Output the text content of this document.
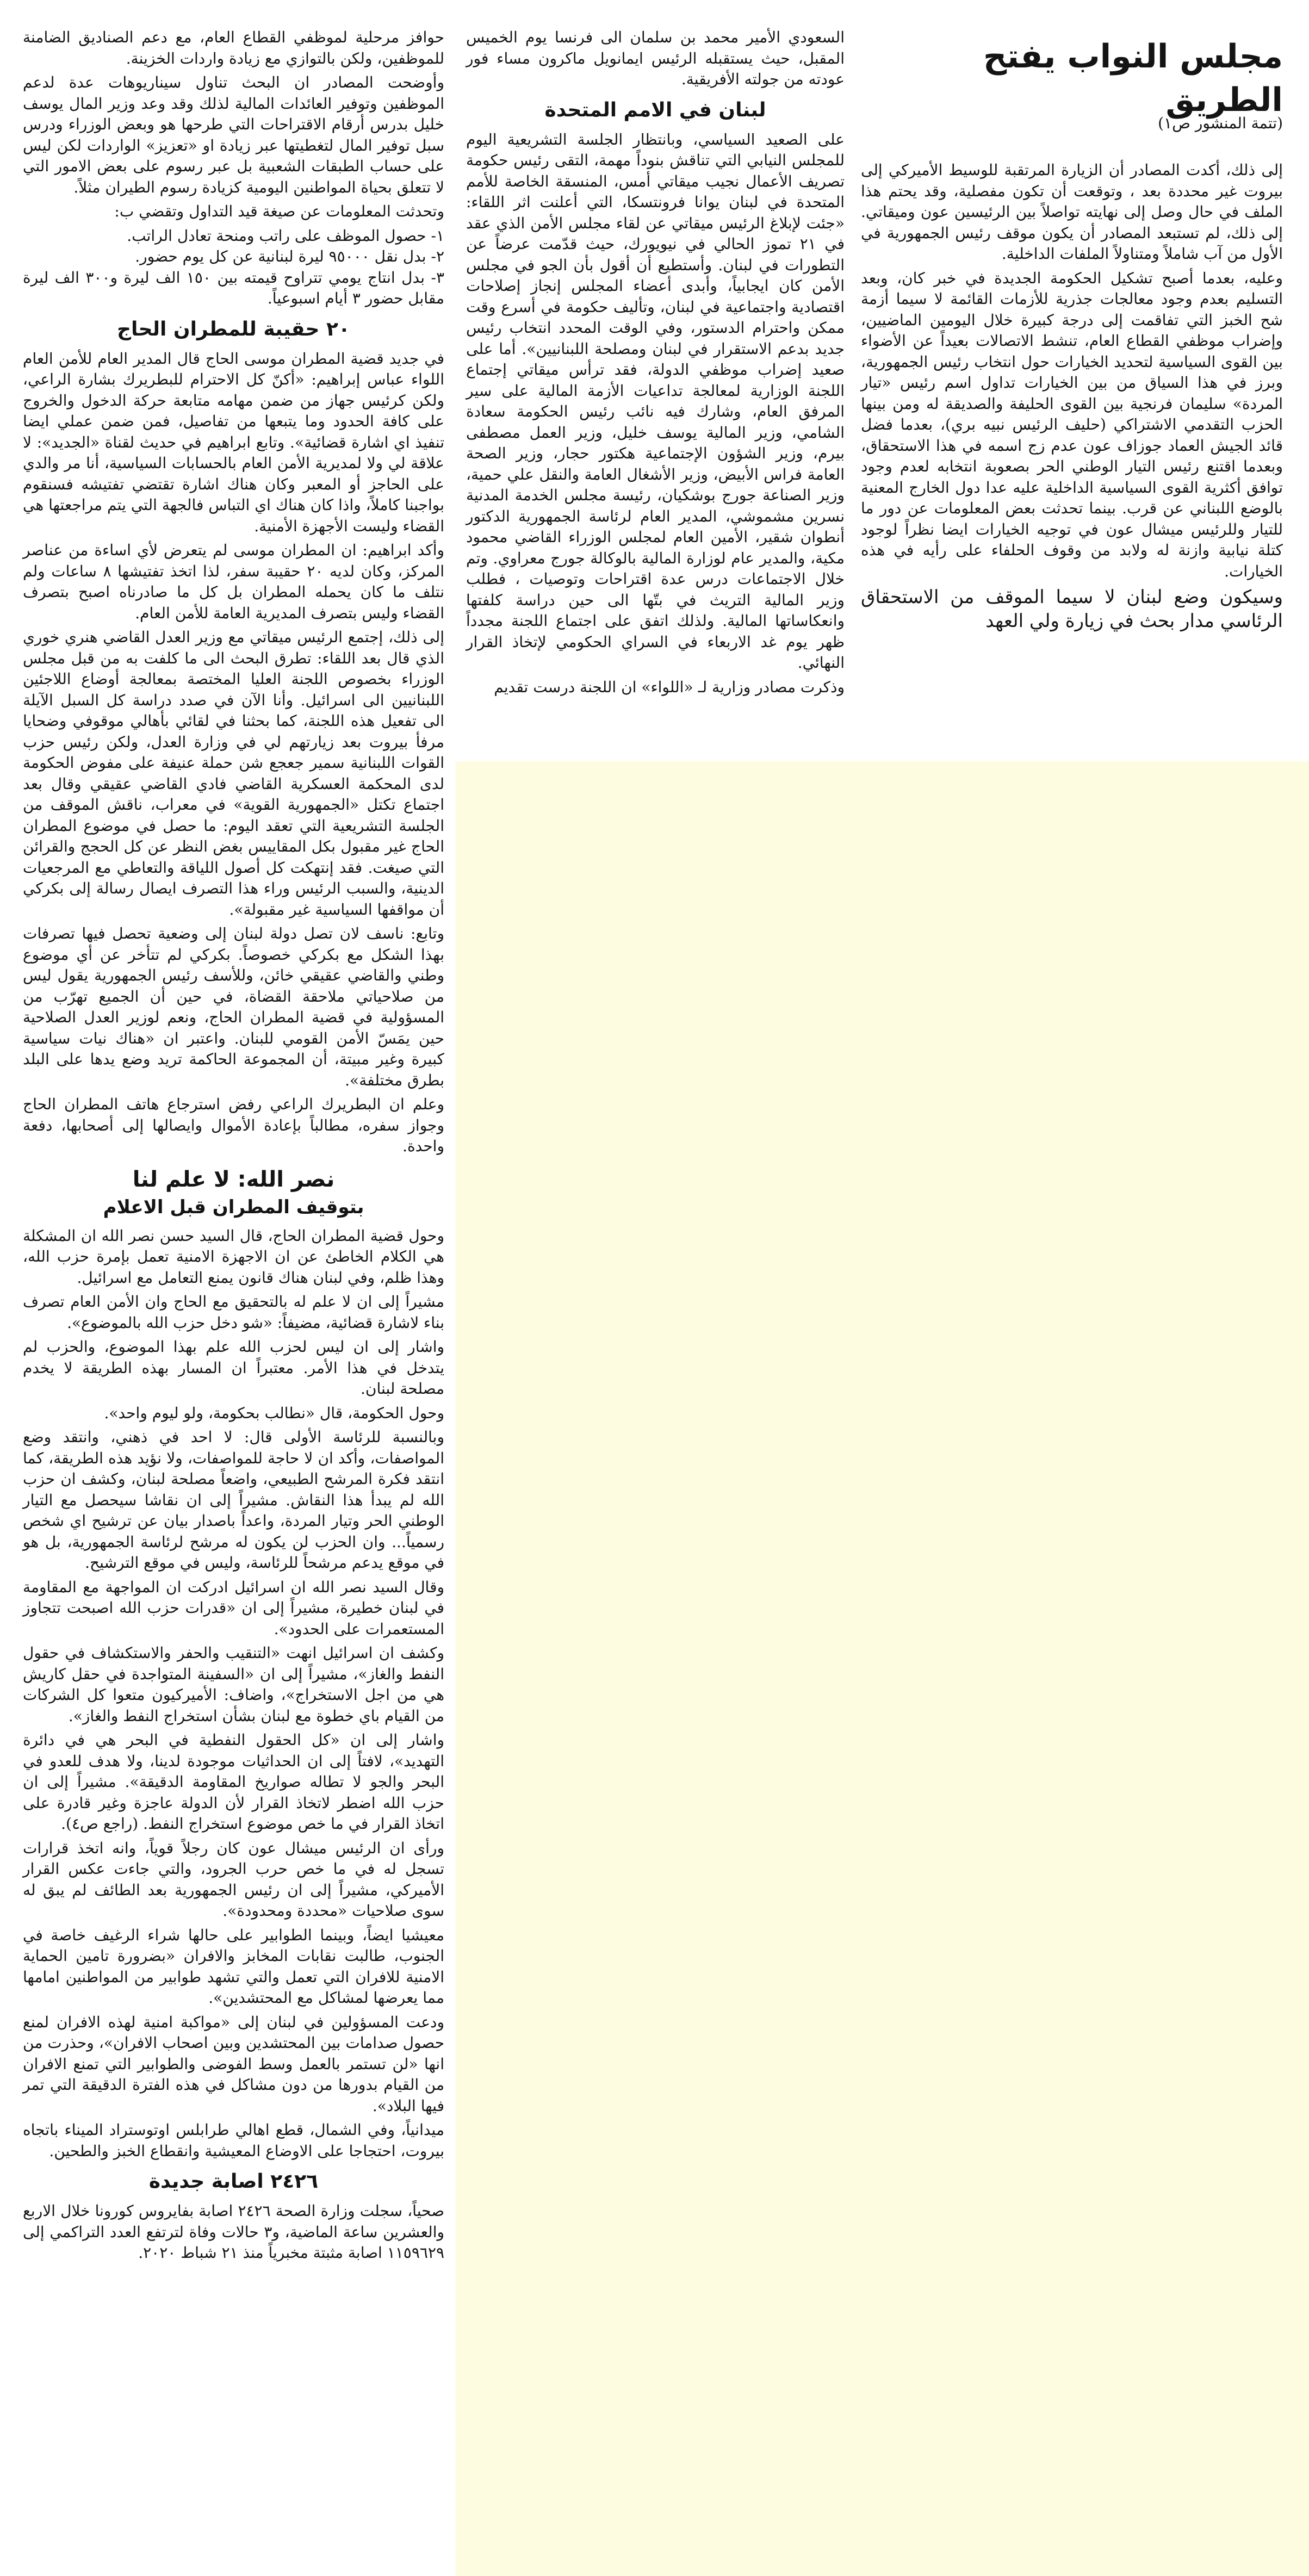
مجلس النواب يفتح الطريق
(تتمة المنشور ص١)

إلى ذلك، أكدت المصادر أن الزيارة المرتقبة للوسيط الأميركي إلى بيروت غير محددة بعد ، وتوقعت أن تكون مفصلية، وقد يحتم هذا الملف في حال وصل إلى نهايته تواصلاً بين الرئيسين عون وميقاتي. إلى ذلك، لم تستبعد المصادر أن يكون موقف رئيس الجمهورية في الأول من آب شاملاً ومتناولاً الملفات الداخلية.

وعليه، بعدما أصبح تشكيل الحكومة الجديدة في خبر كان، وبعد التسليم بعدم وجود معالجات جذرية للأزمات القائمة لا سيما أزمة شح الخبز التي تفاقمت إلى درجة كبيرة خلال اليومين الماضيين، وإضراب موظفي القطاع العام، تنشط الاتصالات بعيداً عن الأضواء بين القوى السياسية لتحديد الخيارات حول انتخاب رئيس الجمهورية، وبرز في هذا السياق من بين الخيارات تداول اسم رئيس «تيار المردة» سليمان فرنجية بين القوى الحليفة والصديقة له ومن بينها الحزب التقدمي الاشتراكي (حليف الرئيس نبيه بري)، بعدما فضل قائد الجيش العماد جوزاف عون عدم زج اسمه في هذا الاستحقاق، وبعدما اقتنع رئيس التيار الوطني الحر بصعوبة انتخابه لعدم وجود توافق أكثرية القوى السياسية الداخلية عليه عدا دول الخارج المعنية بالوضع اللبناني عن قرب. بينما تحدثت بعض المعلومات عن دور ما للتيار وللرئيس ميشال عون في توجيه الخيارات ايضا نظراً لوجود كتلة نيابية وازنة له ولابد من وقوف الحلفاء على رأيه في هذه الخيارات.

وسيكون وضع لبنان لا سيما الموقف من الاستحقاق الرئاسي مدار بحث في زيارة ولي العهد

السعودي الأمير محمد بن سلمان الى فرنسا يوم الخميس المقبل، حيث يستقبله الرئيس ايمانويل ماكرون مساء فور عودته من جولته الأفريقية.

لبنان في الامم المتحدة

على الصعيد السياسي، وبانتظار الجلسة التشريعية اليوم للمجلس النيابي التي تناقش بنوداً مهمة، التقى رئيس حكومة تصريف الأعمال نجيب ميقاتي أمس، المنسقة الخاصة للأمم المتحدة في لبنان يوانا فرونتسكا، التي أعلنت اثر اللقاء: «جئت لإبلاغ الرئيس ميقاتي عن لقاء مجلس الأمن الذي عقد في ٢١ تموز الحالي في نيويورك، حيث قدّمت عرضاً عن التطورات في لبنان. وأستطيع أن أقول بأن الجو في مجلس الأمن كان ايجابياً، وأبدى أعضاء المجلس إنجاز إصلاحات اقتصادية واجتماعية في لبنان، وتأليف حكومة في أسرع وقت ممكن واحترام الدستور، وفي الوقت المحدد انتخاب رئيس جديد بدعم الاستقرار في لبنان ومصلحة اللبنانيين». أما على صعيد إضراب موظفي الدولة، فقد ترأس ميقاتي إجتماع اللجنة الوزارية لمعالجة تداعيات الأزمة المالية على سير المرفق العام، وشارك فيه نائب رئيس الحكومة سعادة الشامي، وزير المالية يوسف خليل، وزير العمل مصطفى بيرم، وزير الشؤون الإجتماعية هكتور حجار، وزير الصحة العامة فراس الأبيض، وزير الأشغال العامة والنقل علي حمية، وزير الصناعة جورج بوشكيان، رئيسة مجلس الخدمة المدنية نسرين مشموشي، المدير العام لرئاسة الجمهورية الدكتور أنطوان شقير، الأمين العام لمجلس الوزراء القاضي محمود مكية، والمدير عام لوزارة المالية بالوكالة جورج معراوي. وتم خلال الاجتماعات درس عدة اقتراحات وتوصيات ، فطلب وزير المالية التريث في بتّها الى حين دراسة كلفتها وانعكاساتها المالية. ولذلك اتفق على اجتماع اللجنة مجدداً ظهر يوم غد الاربعاء في السراي الحكومي لإتخاذ القرار النهائي.

وذكرت مصادر وزارية لـ «اللواء» ان اللجنة درست تقديم

حوافز مرحلية لموظفي القطاع العام، مع دعم الصناديق الضامنة للموظفين، ولكن بالتوازي مع زيادة واردات الخزينة.

وأوضحت المصادر ان البحث تناول سيناريوهات عدة لدعم الموظفين وتوفير العائدات المالية لذلك وقد وعد وزير المال يوسف خليل بدرس أرقام الاقتراحات التي طرحها هو وبعض الوزراء ودرس سبل توفير المال لتغطيتها عبر زيادة او «تعزيز» الواردات لكن ليس على حساب الطبقات الشعبية بل عبر رسوم على بعض الامور التي لا تتعلق بحياة المواطنين اليومية كزيادة رسوم الطيران مثلاً.

وتحدثت المعلومات عن صيغة قيد التداول وتقضي ب:

١- حصول الموظف على راتب ومنحة تعادل الراتب.

٢- بدل نقل ٩٥٠٠٠ ليرة لبنانية عن كل يوم حضور.

٣- بدل انتاج يومي تتراوح قيمته بين ١٥٠ الف ليرة و٣٠٠ الف ليرة مقابل حضور ٣ أيام اسبوعياً.

٢٠ حقيبة للمطران الحاج

في جديد قضية المطران موسى الحاج قال المدير العام للأمن العام اللواء عباس إبراهيم: «أكنّ كل الاحترام للبطريرك بشارة الراعي، ولكن كرئيس جهاز من ضمن مهامه متابعة حركة الدخول والخروج على كافة الحدود وما يتبعها من تفاصيل، فمن ضمن عملي ايضا تنفيذ اي اشارة قضائية». وتابع ابراهيم في حديث لقناة «الجديد»: لا علاقة لي ولا لمديرية الأمن العام بالحسابات السياسية، أنا مر والدي على الحاجز أو المعبر وكان هناك اشارة تقتضي تفتيشه فسنقوم بواجبنا كاملاً، واذا كان هناك اي التباس فالجهة التي يتم مراجعتها هي القضاء وليست الأجهزة الأمنية.

وأكد ابراهيم: ان المطران موسى لم يتعرض لأي اساءة من عناصر المركز، وكان لديه ٢٠ حقيبة سفر، لذا اتخذ تفتيشها ٨ ساعات ولم نتلف ما كان يحمله المطران بل كل ما صادرناه اصبح بتصرف القضاء وليس بتصرف المديرية العامة للأمن العام.

إلى ذلك، إجتمع الرئيس ميقاتي مع وزير العدل القاضي هنري خوري الذي قال بعد اللقاء: تطرق البحث الى ما كلفت به من قبل مجلس الوزراء بخصوص اللجنة العليا المختصة بمعالجة أوضاع اللاجئين اللبنانيين الى اسرائيل. وأنا الآن في صدد دراسة كل السبل الآيلة الى تفعيل هذه اللجنة، كما بحثنا في لقائي بأهالي موقوفي وضحايا مرفأ بيروت بعد زيارتهم لي في وزارة العدل، ولكن رئيس حزب القوات اللبنانية سمير جعجع شن حملة عنيفة على مفوض الحكومة لدى المحكمة العسكرية القاضي فادي القاضي عقيقي وقال بعد اجتماع تكتل «الجمهورية القوية» في معراب، ناقش الموقف من الجلسة التشريعية التي تعقد اليوم: ما حصل في موضوع المطران الحاج غير مقبول بكل المقاييس بغض النظر عن كل الحجج والقرائن التي صيغت. فقد إنتهكت كل أصول اللياقة والتعاطي مع المرجعيات الدينية، والسبب الرئيس وراء هذا التصرف ايصال رسالة إلى بكركي أن مواقفها السياسية غير مقبولة».

وتابع: ناسف لان تصل دولة لبنان إلى وضعية تحصل فيها تصرفات بهذا الشكل مع بكركي خصوصاً. بكركي لم تتأخر عن أي موضوع وطني والقاضي عقيقي خائن، وللأسف رئيس الجمهورية يقول ليس من صلاحياتي ملاحقة القضاة، في حين أن الجميع تهرّب من المسؤولية في قضية المطران الحاج، ونعم لوزير العدل الصلاحية حين يمَسّ الأمن القومي للبنان. واعتبر ان «هناك نيات سياسية كبيرة وغير مبيتة، أن المجموعة الحاكمة تريد وضع يدها على البلد بطرق مختلفة».

وعلم ان البطريرك الراعي رفض استرجاع هاتف المطران الحاج وجواز سفره، مطالباً بإعادة الأموال وايصالها إلى أصحابها، دفعة واحدة.

نصر الله: لا علم لنا
بتوقيف المطران قبل الاعلام

وحول قضية المطران الحاج، قال السيد حسن نصر الله ان المشكلة هي الكلام الخاطئ عن ان الاجهزة الامنية تعمل بإمرة حزب الله، وهذا ظلم، وفي لبنان هناك قانون يمنع التعامل مع اسرائيل.

مشيراً إلى ان لا علم له بالتحقيق مع الحاج وان الأمن العام تصرف بناء لاشارة قضائية، مضيفاً: «شو دخل حزب الله بالموضوع».

واشار إلى ان ليس لحزب الله علم بهذا الموضوع، والحزب لم يتدخل في هذا الأمر. معتبراً ان المسار بهذه الطريقة لا يخدم مصلحة لبنان.

وحول الحكومة، قال «نطالب بحكومة، ولو ليوم واحد».

وبالنسبة للرئاسة الأولى قال: لا احد في ذهني، وانتقد وضع المواصفات، وأكد ان لا حاجة للمواصفات، ولا نؤيد هذه الطريقة، كما انتقد فكرة المرشح الطبيعي، واضعاً مصلحة لبنان، وكشف ان حزب الله لم يبدأ هذا النقاش. مشيراً إلى ان نقاشا سيحصل مع التيار الوطني الحر وتيار المردة، واعداً باصدار بيان عن ترشيح اي شخص رسمياً... وان الحزب لن يكون له مرشح لرئاسة الجمهورية، بل هو في موقع يدعم مرشحاً للرئاسة، وليس في موقع الترشيح.

وقال السيد نصر الله ان اسرائيل ادركت ان المواجهة مع المقاومة في لبنان خطيرة، مشيراً إلى ان «قدرات حزب الله اصبحت تتجاوز المستعمرات على الحدود».

وكشف ان اسرائيل انهت «التنقيب والحفر والاستكشاف في حقول النفط والغاز»، مشيراً إلى ان «السفينة المتواجدة في حقل كاريش هي من اجل الاستخراج»، واضاف: الأميركيون متعوا كل الشركات من القيام باي خطوة مع لبنان بشأن استخراج النفط والغاز».

واشار إلى ان «كل الحقول النفطية في البحر هي في دائرة التهديد»، لافتاً إلى ان الحداثيات موجودة لدينا، ولا هدف للعدو في البحر والجو لا تطاله صواريخ المقاومة الدقيقة». مشيراً إلى ان حزب الله اضطر لاتخاذ القرار لأن الدولة عاجزة وغير قادرة على اتخاذ القرار في ما خص موضوع استخراج النفط. (راجع ص٤).

ورأى ان الرئيس ميشال عون كان رجلاً قوياً، وانه اتخذ قرارات تسجل له في ما خص حرب الجرود، والتي جاءت عكس القرار الأميركي، مشيراً إلى ان رئيس الجمهورية بعد الطائف لم يبق له سوى صلاحيات «محددة ومحدودة».

معيشيا ايضاً، وبينما الطوابير على حالها شراء الرغيف خاصة في الجنوب، طالبت نقابات المخابز والافران «بضرورة تامين الحماية الامنية للافران التي تعمل والتي تشهد طوابير من المواطنين امامها مما يعرضها لمشاكل مع المحتشدين».

ودعت المسؤولين في لبنان إلى «مواكبة امنية لهذه الافران لمنع حصول صدامات بين المحتشدين وبين اصحاب الافران»، وحذرت من انها «لن تستمر بالعمل وسط الفوضى والطوابير التي تمنع الافران من القيام بدورها من دون مشاكل في هذه الفترة الدقيقة التي تمر فيها البلاد».

ميدانياً، وفي الشمال، قطع اهالي طرابلس اوتوستراد الميناء باتجاه بيروت، احتجاجا على الاوضاع المعيشية وانقطاع الخبز والطحين.

٢٤٢٦ اصابة جديدة

صحياً، سجلت وزارة الصحة ٢٤٢٦ اصابة بفايروس كورونا خلال الاربع والعشرين ساعة الماضية، و٣ حالات وفاة لترتفع العدد التراكمي إلى ١١٥٩٦٢٩ اصابة مثبتة مخبرياً منذ ٢١ شباط ٢٠٢٠.
